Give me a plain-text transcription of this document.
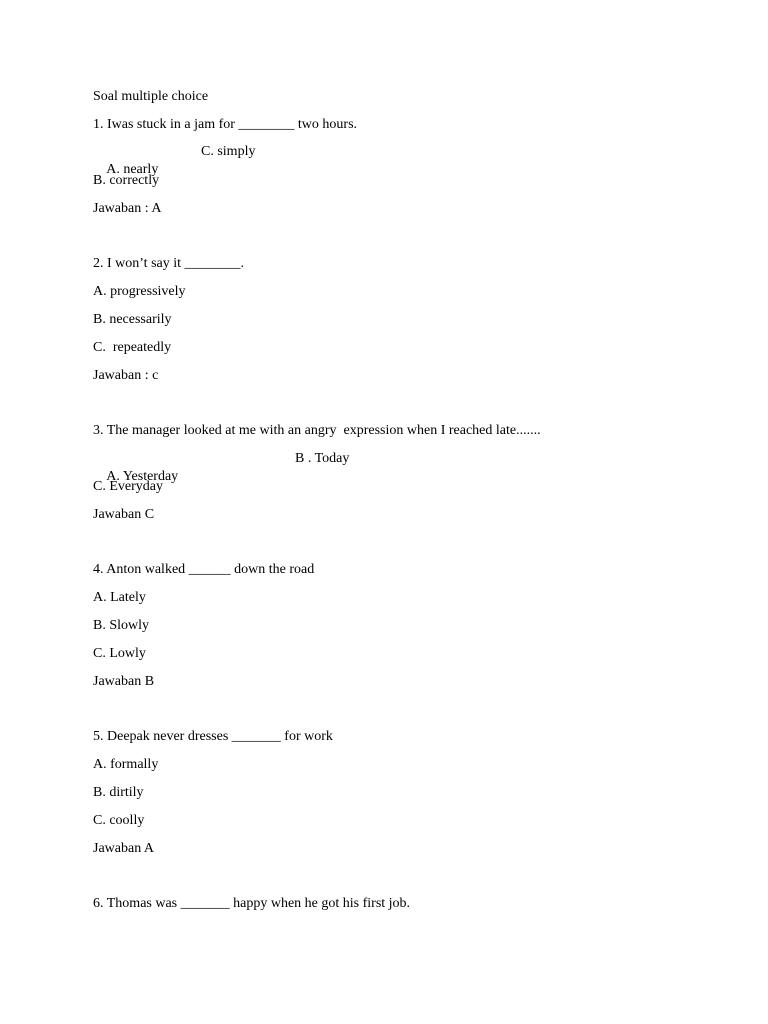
Soal multiple choice
1. Iwas stuck in a jam for ________ two hours.

A. nearly

C. simply

B. correctly
Jawaban : A
2. I won’t say it ________.
A. progressively
B. necessarily
C.  repeatedly
Jawaban : c
3. The manager looked at me with an angry  expression when I reached late.......

A. Yesterday

B . Today

C. Everyday
Jawaban C
4. Anton walked ______ down the road
A. Lately
B. Slowly
C. Lowly
Jawaban B
5. Deepak never dresses _______ for work
A. formally
B. dirtily
C. coolly
Jawaban A
6. Thomas was _______ happy when he got his first job.
